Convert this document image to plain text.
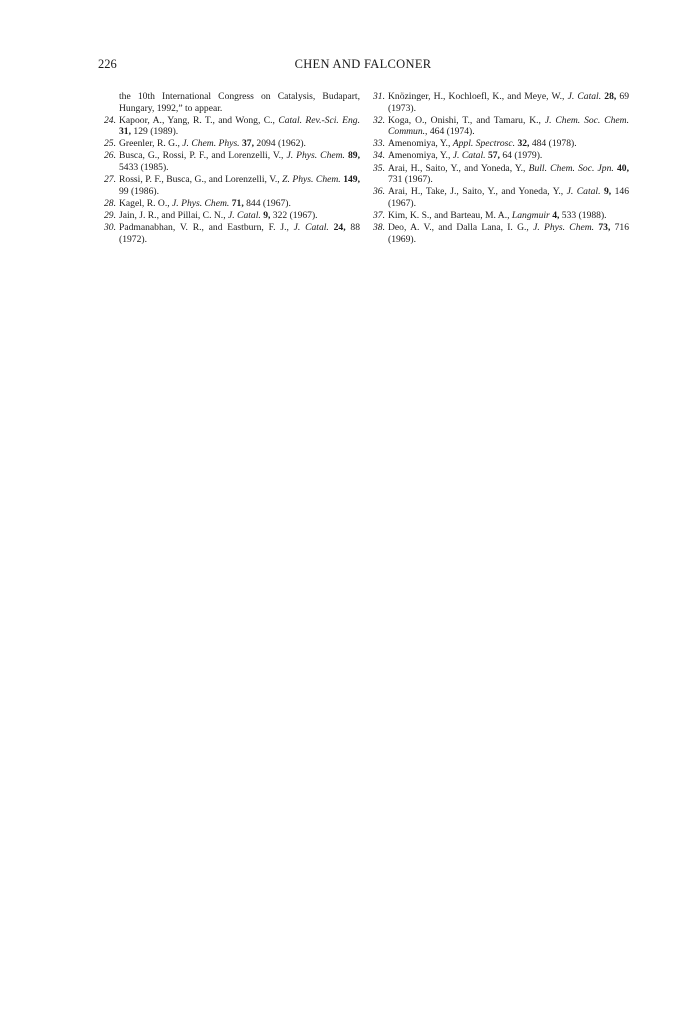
226	CHEN AND FALCONER
the 10th International Congress on Catalysis, Budapart, Hungary, 1992,” to appear.
24. Kapoor, A., Yang, R. T., and Wong, C., Catal. Rev.-Sci. Eng. 31, 129 (1989).
25. Greenler, R. G., J. Chem. Phys. 37, 2094 (1962).
26. Busca, G., Rossi, P. F., and Lorenzelli, V., J. Phys. Chem. 89, 5433 (1985).
27. Rossi, P. F., Busca, G., and Lorenzelli, V., Z. Phys. Chem. 149, 99 (1986).
28. Kagel, R. O., J. Phys. Chem. 71, 844 (1967).
29. Jain, J. R., and Pillai, C. N., J. Catal. 9, 322 (1967).
30. Padmanabhan, V. R., and Eastburn, F. J., J. Catal. 24, 88 (1972).
31. Knözinger, H., Kochloefl, K., and Meye, W., J. Catal. 28, 69 (1973).
32. Koga, O., Onishi, T., and Tamaru, K., J. Chem. Soc. Chem. Commun., 464 (1974).
33. Amenomiya, Y., Appl. Spectrosc. 32, 484 (1978).
34. Amenomiya, Y., J. Catal. 57, 64 (1979).
35. Arai, H., Saito, Y., and Yoneda, Y., Bull. Chem. Soc. Jpn. 40, 731 (1967).
36. Arai, H., Take, J., Saito, Y., and Yoneda, Y., J. Catal. 9, 146 (1967).
37. Kim, K. S., and Barteau, M. A., Langmuir 4, 533 (1988).
38. Deo, A. V., and Dalla Lana, I. G., J. Phys. Chem. 73, 716 (1969).
